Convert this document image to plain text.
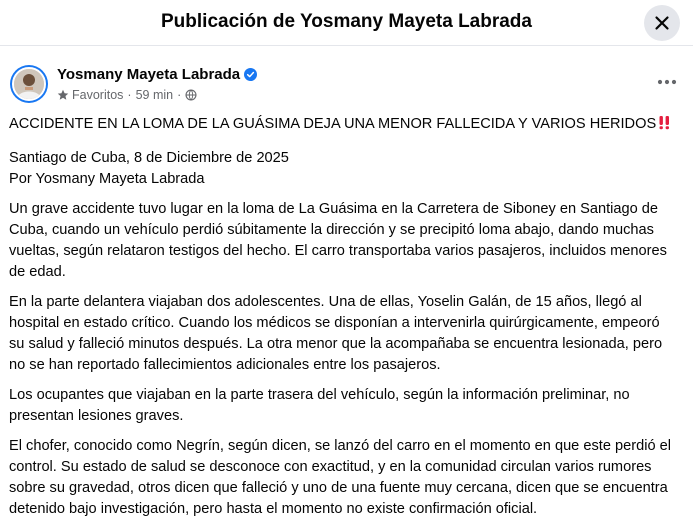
Publicación de Yosmany Mayeta Labrada
Yosmany Mayeta Labrada
Favoritos · 59 min ·

ACCIDENTE EN LA LOMA DE LA GUÁSIMA DEJA UNA MENOR FALLECIDA Y VARIOS HERIDOS

Santiago de Cuba, 8 de Diciembre de 2025
Por Yosmany Mayeta Labrada

Un grave accidente tuvo lugar en la loma de La Guásima en la Carretera de Siboney en Santiago de
Cuba, cuando un vehículo perdió súbitamente la dirección y se precipitó loma abajo, dando muchas
vueltas, según relataron testigos del hecho. El carro transportaba varios pasajeros, incluidos menores
de edad.

En la parte delantera viajaban dos adolescentes. Una de ellas, Yoselin Galán, de 15 años, llegó al
hospital en estado crítico. Cuando los médicos se disponían a intervenirla quirúrgicamente, empeoró
su salud y falleció minutos después. La otra menor que la acompañaba se encuentra lesionada, pero
no se han reportado fallecimientos adicionales entre los pasajeros.

Los ocupantes que viajaban en la parte trasera del vehículo, según la información preliminar, no
presentan lesiones graves.

El chofer, conocido como Negrín, según dicen, se lanzó del carro en el momento en que este perdió el
control. Su estado de salud se desconoce con exactitud, y en la comunidad circulan varios rumores
sobre su gravedad, otros dicen que falleció y uno de una fuente muy cercana, dicen que se encuentra
detenido bajo investigación, pero hasta el momento no existe confirmación oficial.
